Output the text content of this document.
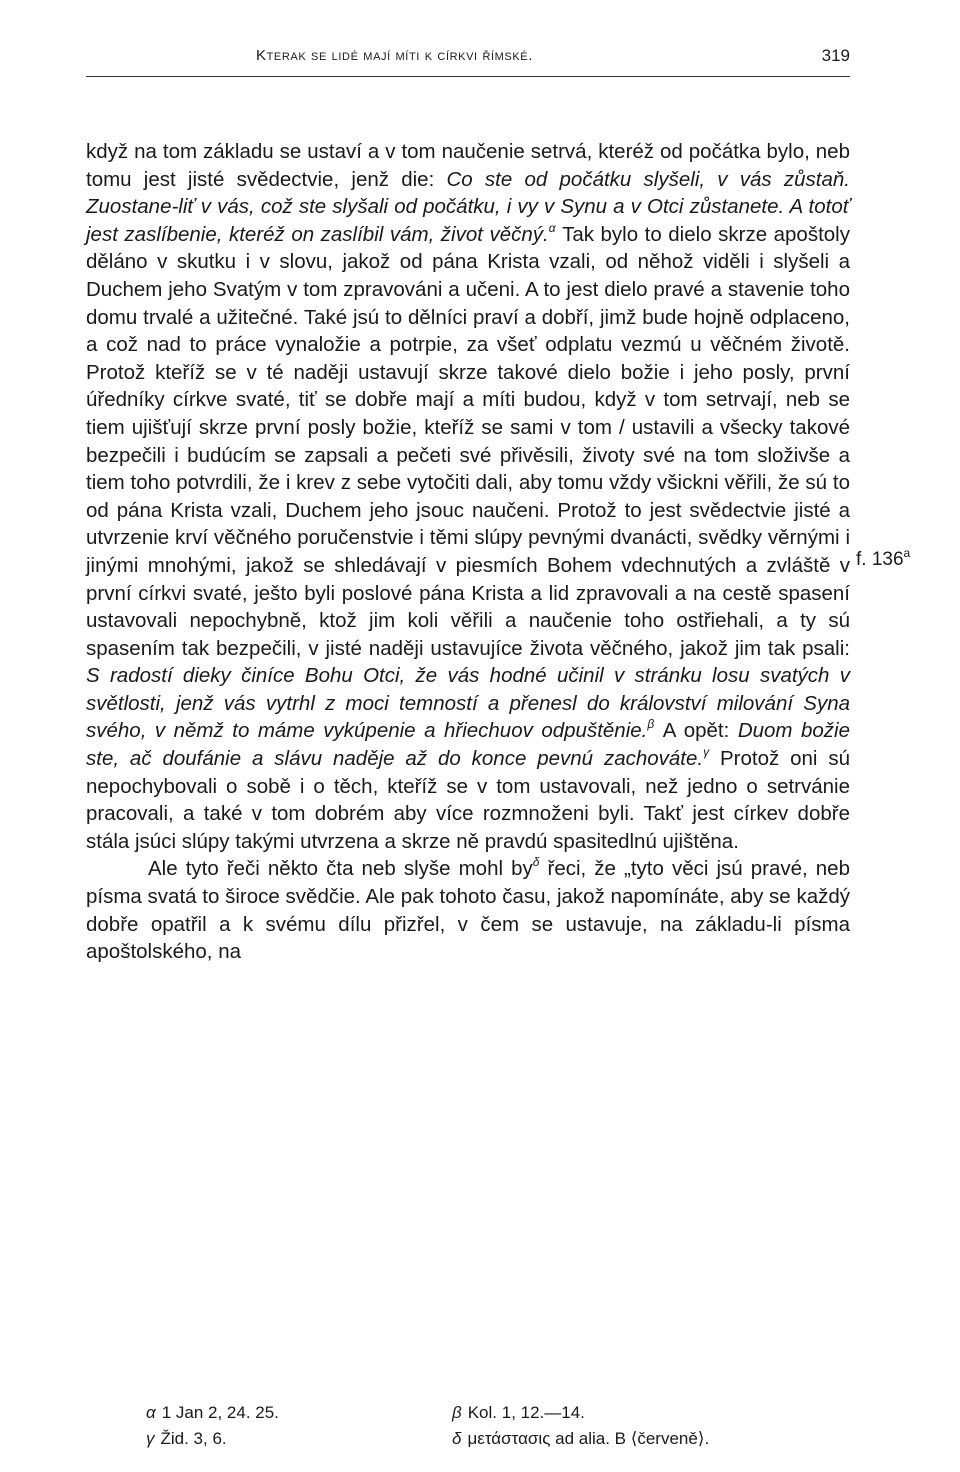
Kterak se lidé mají míti k církvi římské.	319

když na tom základu se ustaví a v tom naučenie setrvá, kteréž od počátka bylo, neb tomu jest jisté svědectvie, jenž die: Co ste od počátku slyšeli, v vás zůstaň. Zuostane-liť v vás, což ste slyšali od počátku, i vy v Synu a v Otci zůstanete. A totoť jest zaslíbenie, kteréž on zaslíbil vám, život věčný.$^\alpha$ Tak bylo to dielo skrze apoštoly děláno v skutku i v slovu, jakož od pána Krista vzali, od něhož viděli i slyšeli a Duchem jeho Svatým v tom zpravováni a učeni. A to jest dielo pravé a stavenie toho domu trvalé a užitečné. Také jsú to dělníci praví a dobří, jimž bude hojně odplaceno, a což nad to práce vynaložie a potrpie, za všeť odplatu vezmú u věčném životě. Protož kteříž se v té naději ustavují skrze takové dielo božie i jeho posly, první úředníky církve svaté, tiť se dobře mají a míti budou, když v tom setrvají, neb se tiem ujišťují skrze první posly božie, kteříž se sami v tom / ustavili a všecky takové bezpečili i budúcím se zapsali a pečeti své přivěsili, životy své na tom složivše a tiem toho potvrdili, že i krev z sebe vytočiti dali, aby tomu vždy všickni věřili, že sú to od pána Krista vzali, Duchem jeho jsouc naučeni. Protož to jest svědectvie jisté a utvrzenie krví věčného poručenstvie i těmi slúpy pevnými dvanácti, svědky věrnými i jinými mnohými, jakož se shledávají v piesmích Bohem vdechnutých a zvláště v první církvi svaté, ješto byli poslové pána Krista a lid zpravovali a na cestě spasení ustavovali nepochybně, ktož jim koli věřili a naučenie toho ostřiehali, a ty sú spasením tak bezpečili, v jisté naději ustavujíce života věčného, jakož jim tak psali: S radostí dieky činíce Bohu Otci, že vás hodné učinil v stránku losu svatých v světlosti, jenž vás vytrhl z moci temností a přenesl do království milování Syna svého, v němž to máme vykúpenie a hřiechuov odpuštěnie.$^\beta$ A opět: Duom božie ste, ač doufánie a slávu naděje až do konce pevnú zachováte.$^\gamma$ Protož oni sú nepochybovali o sobě i o těch, kteříž se v tom ustavovali, než jedno o setrvánie pracovali, a také v tom dobrém aby více rozmnoženi byli. Takť jest církev dobře stála jsúci slúpy takými utvrzena a skrze ně pravdú spasitedlnú ujištěna.

Ale tyto řeči někto čta neb slyše mohl by$^\delta$ řeci, že „tyto věci jsú pravé, neb písma svatá to široce svědčie. Ale pak tohoto času, jakož napomínáte, aby se každý dobře opatřil a k svému dílu přizřel, v čem se ustavuje, na základu-li písma apoštolského, na

f. 136$^a$
α 1 Jan 2, 24. 25.	β Kol. 1, 12.—14.
γ Žid. 3, 6.	δ μετάστασις ad alia. B ⟨červeně⟩.
